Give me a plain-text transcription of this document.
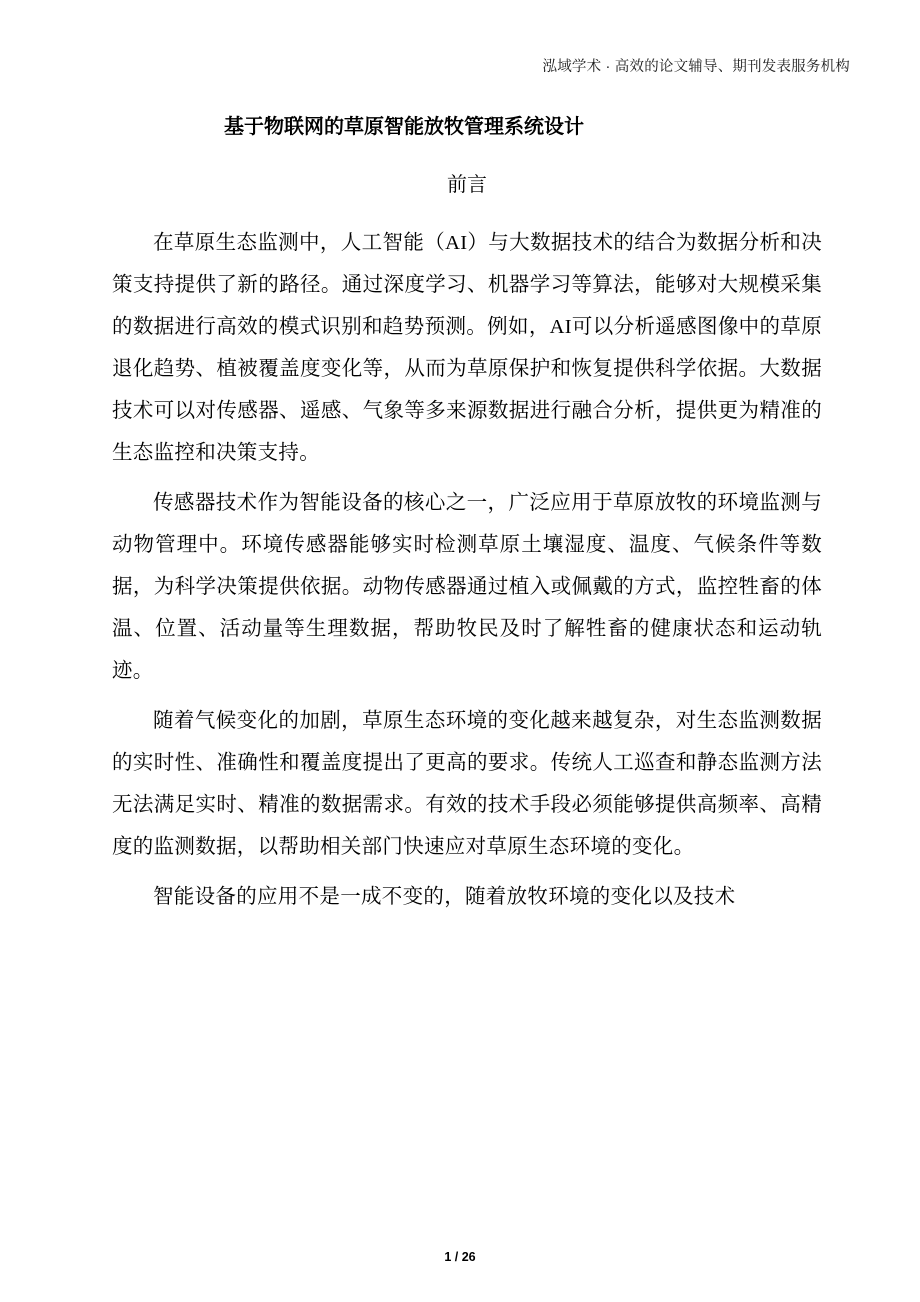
泓域学术 · 高效的论文辅导、期刊发表服务机构
基于物联网的草原智能放牧管理系统设计
前言

在草原生态监测中，人工智能（AI）与大数据技术的结合为数据分析和决策支持提供了新的路径。通过深度学习、机器学习等算法，能够对大规模采集的数据进行高效的模式识别和趋势预测。例如，AI可以分析遥感图像中的草原退化趋势、植被覆盖度变化等，从而为草原保护和恢复提供科学依据。大数据技术可以对传感器、遥感、气象等多来源数据进行融合分析，提供更为精准的生态监控和决策支持。

传感器技术作为智能设备的核心之一，广泛应用于草原放牧的环境监测与动物管理中。环境传感器能够实时检测草原土壤湿度、温度、气候条件等数据，为科学决策提供依据。动物传感器通过植入或佩戴的方式，监控牲畜的体温、位置、活动量等生理数据，帮助牧民及时了解牲畜的健康状态和运动轨迹。

随着气候变化的加剧，草原生态环境的变化越来越复杂，对生态监测数据的实时性、准确性和覆盖度提出了更高的要求。传统人工巡查和静态监测方法无法满足实时、精准的数据需求。有效的技术手段必须能够提供高频率、高精度的监测数据，以帮助相关部门快速应对草原生态环境的变化。

智能设备的应用不是一成不变的，随着放牧环境的变化以及技术

1 / 26
